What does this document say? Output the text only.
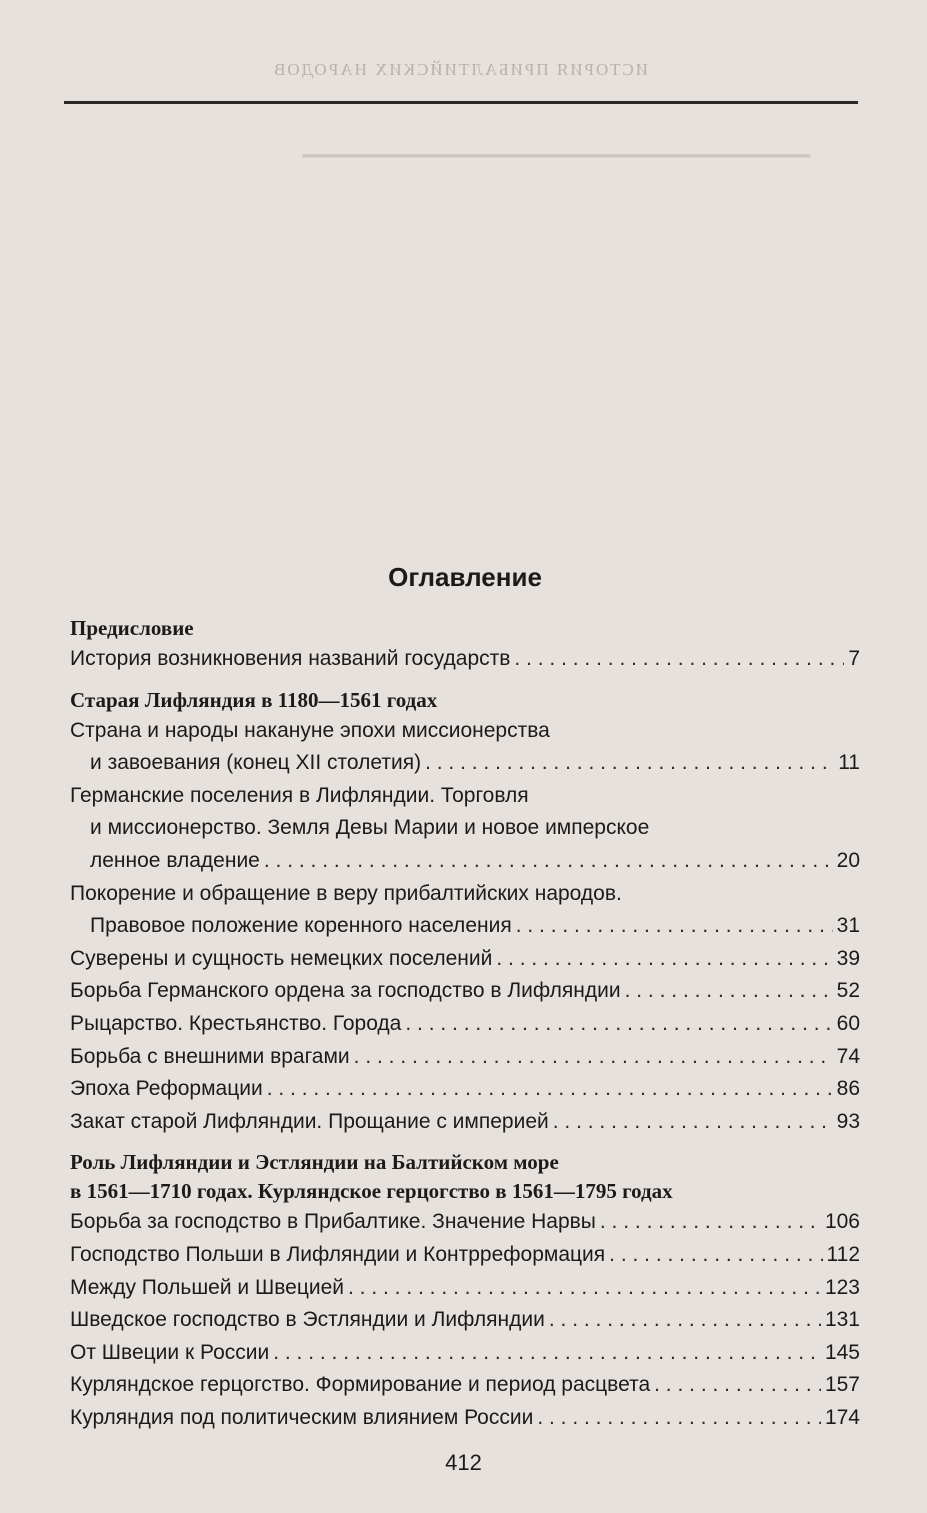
ИСТОРИЯ ПРИБАЛТИЙСКИХ НАРОДОВ

▁▁▁▁▁▁▁▁▁▁▁▁▁▁▁▁▁▁▁▁▁▁▁▁▁▁▁▁▁▁

Оглавление
Предисловие
История возникновения названий государств . . .	7
Старая Лифляндия в 1180—1561 годах
Страна и народы накануне эпохи миссионерства
и завоевания (конец XII столетия) . . .	11
Германские поселения в Лифляндии. Торговля
и миссионерство. Земля Девы Марии и новое имперское
ленное владение . . .	20
Покорение и обращение в веру прибалтийских народов.
Правовое положение коренного населения . . .	31
Суверены и сущность немецких поселений . . .	39
Борьба Германского ордена за господство в Лифляндии . . .	52
Рыцарство. Крестьянство. Города . . .	60
Борьба с внешними врагами . . .	74
Эпоха Реформации . . .	86
Закат старой Лифляндии. Прощание с империей . . .	93
Роль Лифляндии и Эстляндии на Балтийском море
в 1561—1710 годах. Курляндское герцогство в 1561—1795 годах
Борьба за господство в Прибалтике. Значение Нарвы . . .	106
Господство Польши в Лифляндии и Контрреформация . . .	112
Между Польшей и Швецией . . .	123
Шведское господство в Эстляндии и Лифляндии . . .	131
От Швеции к России . . .	145
Курляндское герцогство. Формирование и период расцвета . . .	157
Курляндия под политическим влиянием России . . .	174
412
